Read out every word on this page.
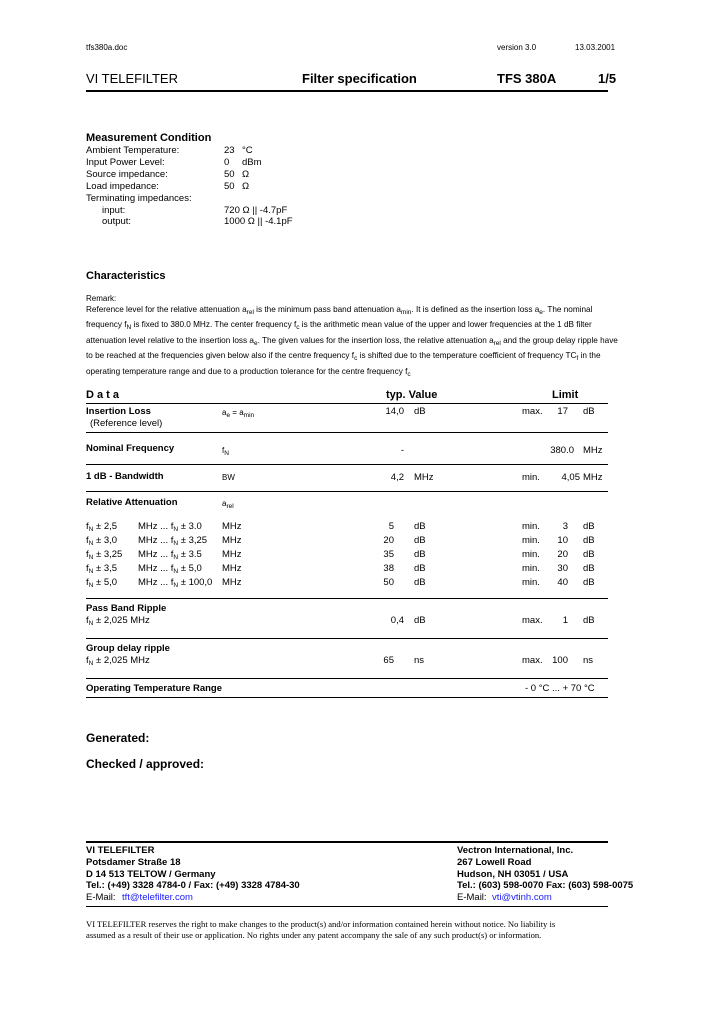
tfs380a.doc	version 3.0	13.03.2001
VI TELEFILTER	Filter specification	TFS 380A	1/5
Measurement Condition
Ambient Temperature:	23 °C
Input Power Level:	0 dBm
Source impedance:	50 Ω
Load impedance:	50 Ω
Terminating impedances:
input:	720 Ω || -4.7pF
output:	1000 Ω || -4.1pF
Characteristics
Remark:
Reference level for the relative attenuation $a_{rel}$ is the minimum pass band attenuation $a_{min}$. It is defined as the insertion loss $a_e$. The nominal
frequency $f_N$ is fixed to 380.0 MHz. The center frequency $f_c$ is the arithmetic mean value of the upper and lower frequencies at the 1 dB filter
attenuation level relative to the insertion loss $a_e$. The given values for the insertion loss, the relative attenuation $a_{rel}$ and the group delay ripple have
to be reached at the frequencies given below also if the centre frequency $f_c$ is shifted due to the temperature coefficient of frequency $TC_f$ in the
operating temperature range and due to a production tolerance for the centre frequency $f_c$
D a t a	typ. Value	Limit
Insertion Loss
(Reference level)
$a_e = a_{min}$	14,0 dB	max.	17 dB
Nominal Frequency	$f_N$	-	380.0 MHz
1 dB - Bandwidth	BW	4,2 MHz	min.	4,05 MHz
Relative Attenuation	$a_{rel}$
$f_N \pm 2,5$ MHz ... $f_N \pm 3.0$ MHz	5 dB	min.	3 dB
$f_N \pm 3,0$ MHz ... $f_N \pm 3,25$ MHz	20 dB	min.	10 dB
$f_N \pm 3,25$ MHz ... $f_N \pm 3.5$ MHz	35 dB	min.	20 dB
$f_N \pm 3,5$ MHz ... $f_N \pm 5,0$ MHz	38 dB	min.	30 dB
$f_N \pm 5,0$ MHz ... $f_N \pm 100,0$ MHz	50 dB	min.	40 dB
Pass Band Ripple
$f_N \pm 2,025$ MHz	0,4 dB	max.	1 dB
Group delay ripple
$f_N \pm 2,025$ MHz	65 ns	max.	100 ns
Operating Temperature Range	- 0 °C ... + 70 °C
Generated:
Checked / approved:
VI TELEFILTER
Potsdamer Straße 18
D 14 513 TELTOW / Germany
Tel.: (+49) 3328 4784-0 / Fax: (+49) 3328 4784-30
E-Mail: tft@telefilter.com
Vectron International, Inc.
267 Lowell Road
Hudson, NH 03051 / USA
Tel.: (603) 598-0070 Fax: (603) 598-0075
E-Mail: vti@vtinh.com
VI TELEFILTER reserves the right to make changes to the product(s) and/or information contained herein without notice. No liability is
assumed as a result of their use or application. No rights under any patent accompany the sale of any such product(s) or information.
